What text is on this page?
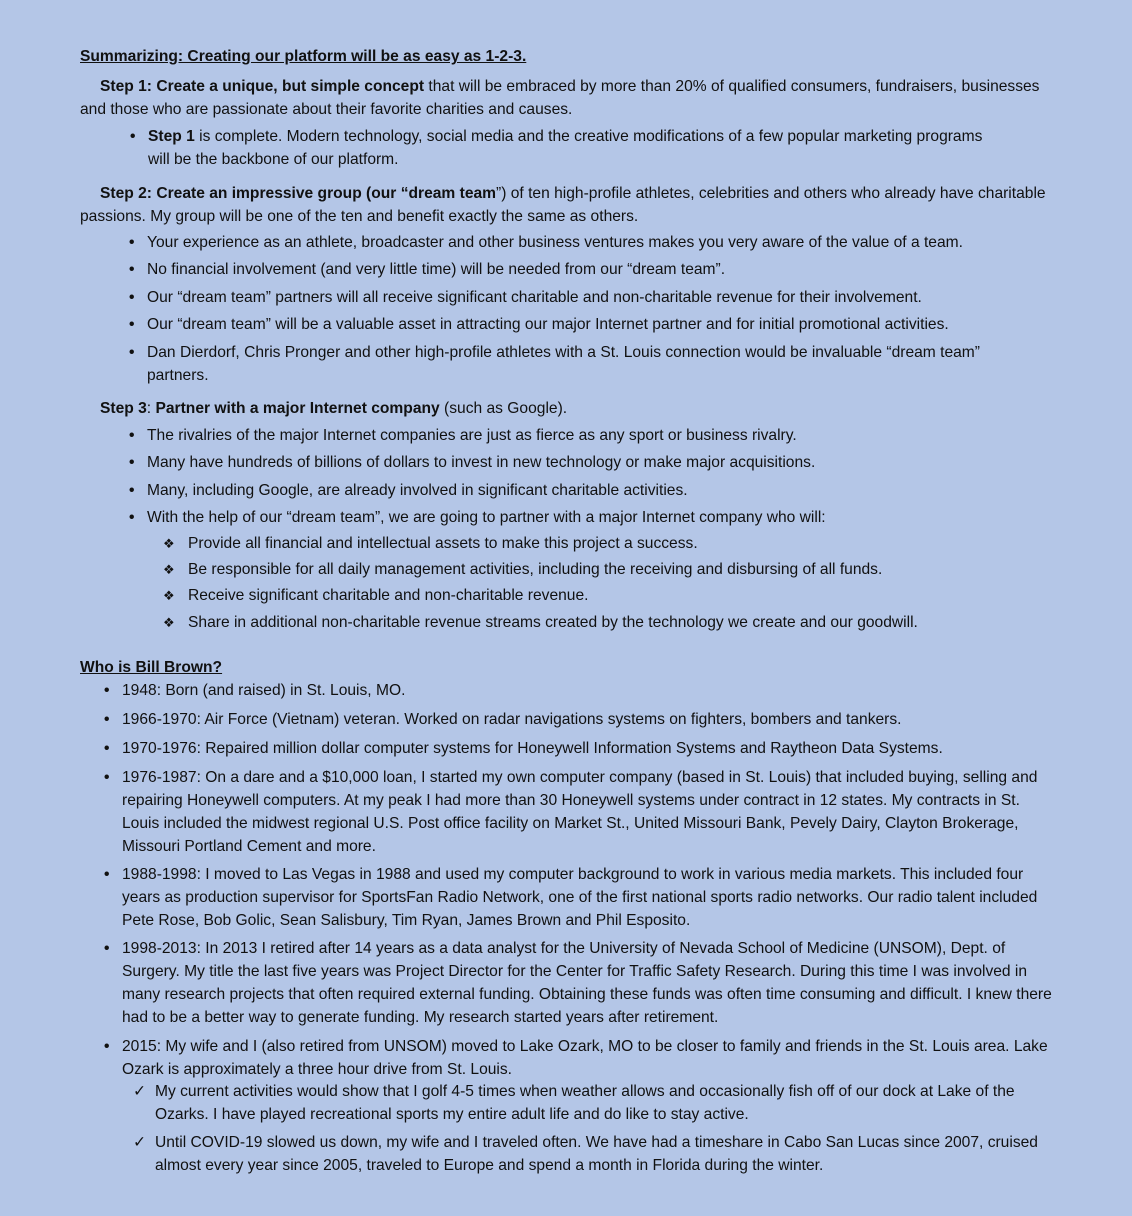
Summarizing: Creating our platform will be as easy as 1-2-3.
Step 1: Create a unique, but simple concept that will be embraced by more than 20% of qualified consumers, fundraisers, businesses and those who are passionate about their favorite charities and causes.
• Step 1 is complete. Modern technology, social media and the creative modifications of a few popular marketing programs will be the backbone of our platform.
Step 2: Create an impressive group (our “dream team”) of ten high-profile athletes, celebrities and others who already have charitable passions. My group will be one of the ten and benefit exactly the same as others.
• Your experience as an athlete, broadcaster and other business ventures makes you very aware of the value of a team.
• No financial involvement (and very little time) will be needed from our “dream team”.
• Our “dream team” partners will all receive significant charitable and non-charitable revenue for their involvement.
• Our “dream team” will be a valuable asset in attracting our major Internet partner and for initial promotional activities.
• Dan Dierdorf, Chris Pronger and other high-profile athletes with a St. Louis connection would be invaluable “dream team” partners.
Step 3: Partner with a major Internet company (such as Google).
• The rivalries of the major Internet companies are just as fierce as any sport or business rivalry.
• Many have hundreds of billions of dollars to invest in new technology or make major acquisitions.
• Many, including Google, are already involved in significant charitable activities.
• With the help of our “dream team”, we are going to partner with a major Internet company who will:
❖ Provide all financial and intellectual assets to make this project a success.
❖ Be responsible for all daily management activities, including the receiving and disbursing of all funds.
❖ Receive significant charitable and non-charitable revenue.
❖ Share in additional non-charitable revenue streams created by the technology we create and our goodwill.
Who is Bill Brown?
• 1948: Born (and raised) in St. Louis, MO.
• 1966-1970: Air Force (Vietnam) veteran. Worked on radar navigations systems on fighters, bombers and tankers.
• 1970-1976: Repaired million dollar computer systems for Honeywell Information Systems and Raytheon Data Systems.
• 1976-1987: On a dare and a $10,000 loan, I started my own computer company (based in St. Louis) that included buying, selling and repairing Honeywell computers. At my peak I had more than 30 Honeywell systems under contract in 12 states. My contracts in St. Louis included the midwest regional U.S. Post office facility on Market St., United Missouri Bank, Pevely Dairy, Clayton Brokerage, Missouri Portland Cement and more.
• 1988-1998: I moved to Las Vegas in 1988 and used my computer background to work in various media markets. This included four years as production supervisor for SportsFan Radio Network, one of the first national sports radio networks. Our radio talent included Pete Rose, Bob Golic, Sean Salisbury, Tim Ryan, James Brown and Phil Esposito.
• 1998-2013: In 2013 I retired after 14 years as a data analyst for the University of Nevada School of Medicine (UNSOM), Dept. of Surgery. My title the last five years was Project Director for the Center for Traffic Safety Research. During this time I was involved in many research projects that often required external funding. Obtaining these funds was often time consuming and difficult. I knew there had to be a better way to generate funding. My research started years after retirement.
• 2015: My wife and I (also retired from UNSOM) moved to Lake Ozark, MO to be closer to family and friends in the St. Louis area. Lake Ozark is approximately a three hour drive from St. Louis.
✓ My current activities would show that I golf 4-5 times when weather allows and occasionally fish off of our dock at Lake of the Ozarks. I have played recreational sports my entire adult life and do like to stay active.
✓ Until COVID-19 slowed us down, my wife and I traveled often. We have had a timeshare in Cabo San Lucas since 2007, cruised almost every year since 2005, traveled to Europe and spend a month in Florida during the winter.
